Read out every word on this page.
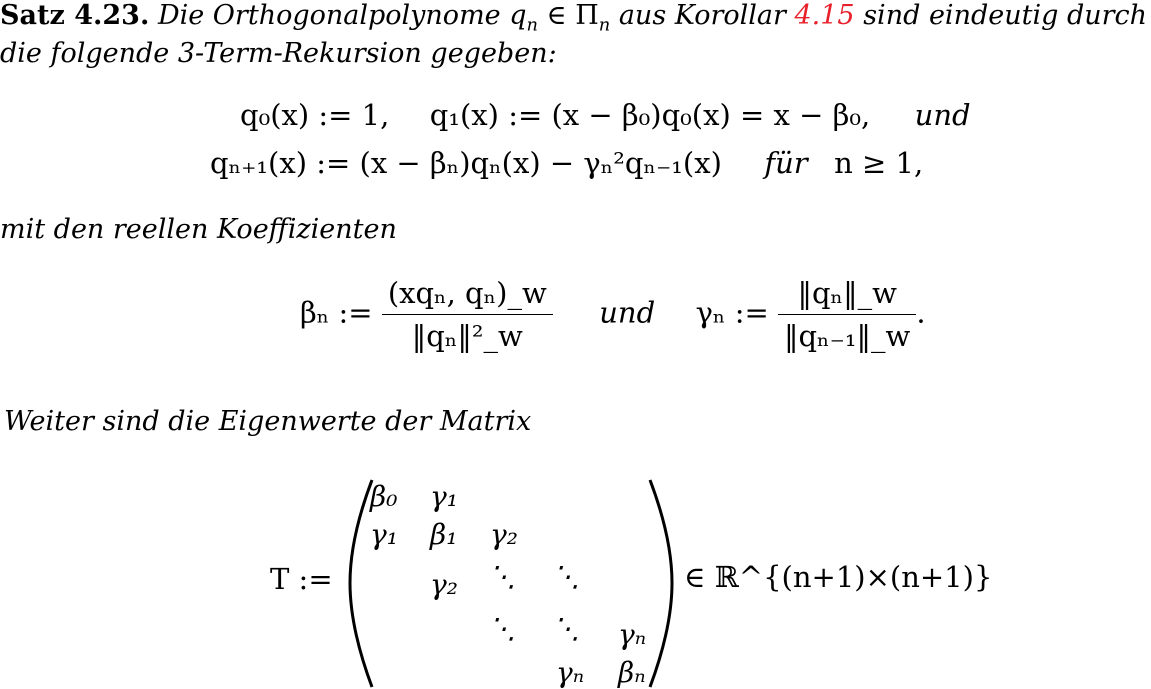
Satz 4.23. Die Orthogonalpolynome $q_n$ ∈ $\Pi_n$ aus Korollar 4.15 sind eindeutig durch
die folgende 3-Term-Rekursion gegeben:
q₀(x) := 1, q₁(x) := (x − β₀)q₀(x) = x − β₀, und
qₙ₊₁(x) := (x − βₙ)qₙ(x) − γₙ²qₙ₋₁(x) für n ≥ 1,
mit den reellen Koeffizienten
βₙ := $\frac{\text{(xqₙ, qₙ)\_w}}{\text{‖qₙ‖²\_w}}$ und γₙ := $\frac{\text{‖qₙ‖\_w}}{\text{‖qₙ₋₁‖\_w}}$ .
Weiter sind die Eigenwerte der Matrix
T :=
β₀ γ₁
γ₁ β₁ γ₂
γ₂ ⋱ ⋱
⋱ ⋱ γₙ
γₙ βₙ
∈ ℝ^{(n+1)×(n+1)}
